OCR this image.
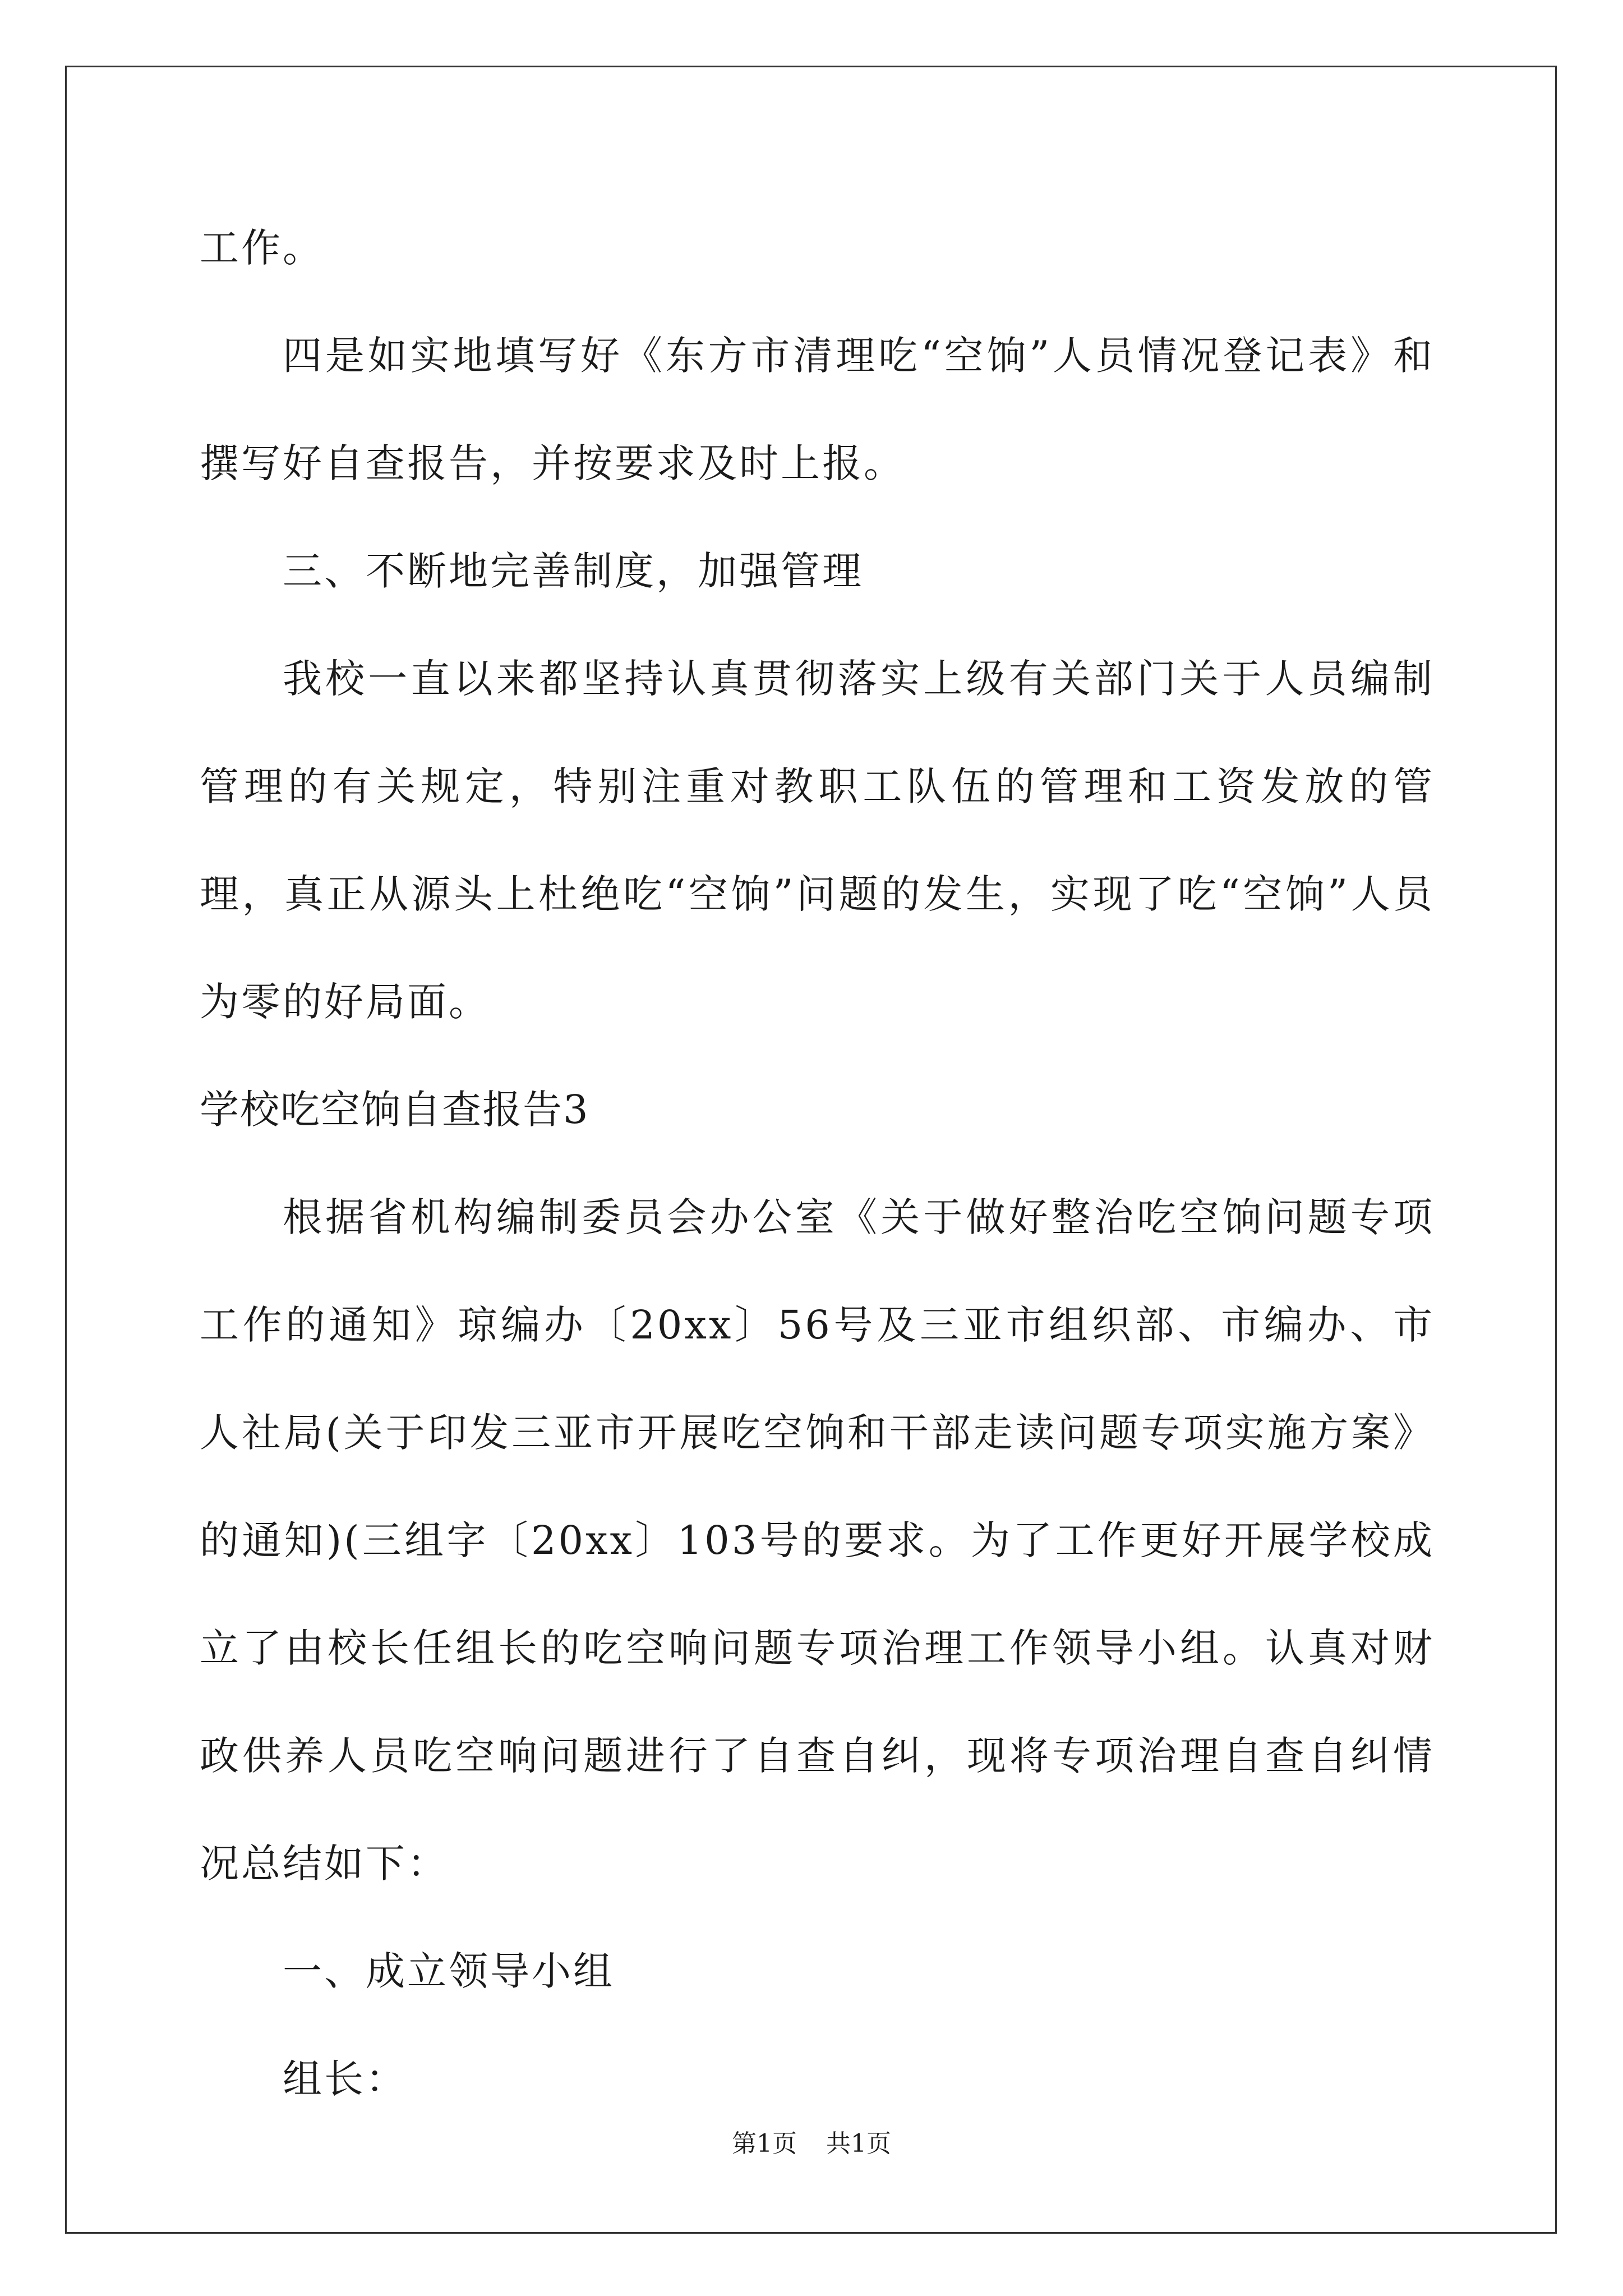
工作。

四是如实地填写好《东方市清理吃“空饷”人员情况登记表》和撰写好自查报告，并按要求及时上报。

三、不断地完善制度，加强管理

我校一直以来都坚持认真贯彻落实上级有关部门关于人员编制管理的有关规定，特别注重对教职工队伍的管理和工资发放的管理，真正从源头上杜绝吃“空饷”问题的发生，实现了吃“空饷”人员为零的好局面。

学校吃空饷自查报告3

根据省机构编制委员会办公室《关于做好整治吃空饷问题专项工作的通知》琼编办〔20xx〕56号及三亚市组织部、市编办、市人社局(关于印发三亚市开展吃空饷和干部走读问题专项实施方案》的通知)(三组字〔20xx〕103号的要求。为了工作更好开展学校成立了由校长任组长的吃空响问题专项治理工作领导小组。认真对财政供养人员吃空响问题进行了自查自纠，现将专项治理自查自纠情况总结如下：

一、成立领导小组

组长：

第1页 共1页
